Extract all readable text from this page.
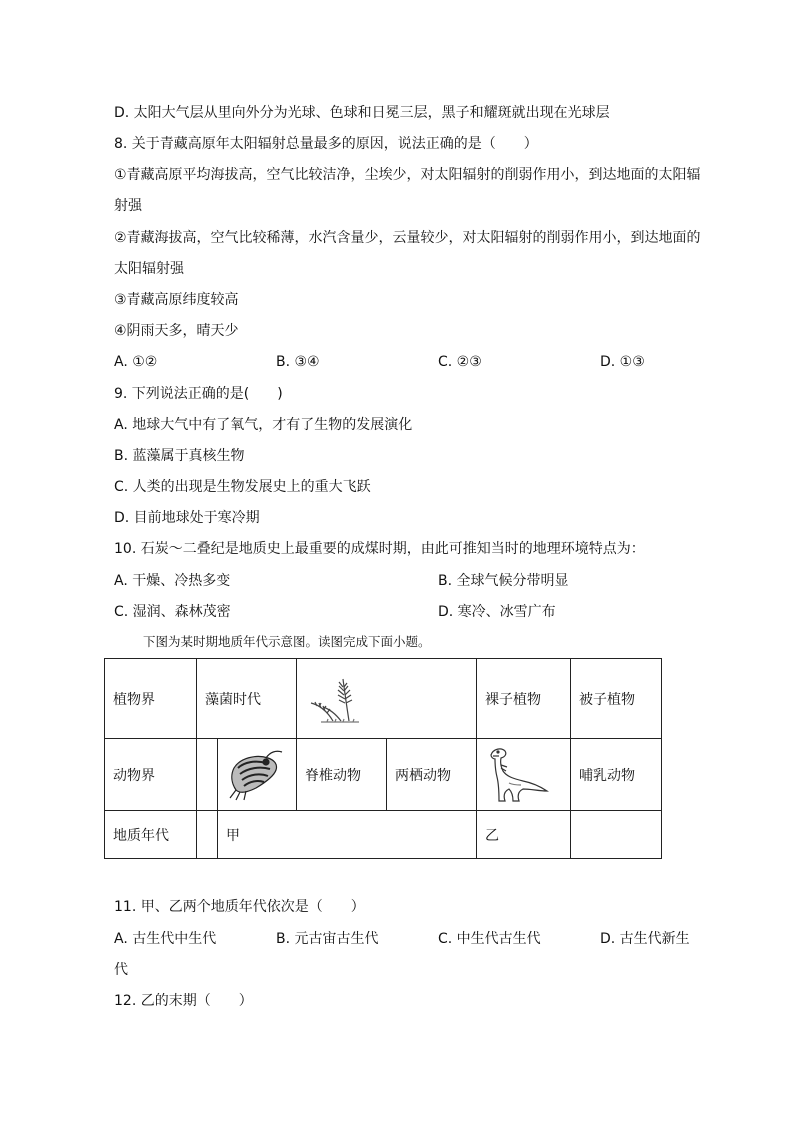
D. 太阳大气层从里向外分为光球、色球和日冕三层，黑子和耀斑就出现在光球层
8. 关于青藏高原年太阳辐射总量最多的原因，说法正确的是（　　）
①青藏高原平均海拔高，空气比较洁净，尘埃少，对太阳辐射的削弱作用小，到达地面的太阳辐
射强
②青藏海拔高，空气比较稀薄，水汽含量少，云量较少，对太阳辐射的削弱作用小，到达地面的
太阳辐射强
③青藏高原纬度较高
④阴雨天多，晴天少
A. ①②	B. ③④	C. ②③	D. ①③
9. 下列说法正确的是(　　)
A. 地球大气中有了氧气，才有了生物的发展演化
B. 蓝藻属于真核生物
C. 人类的出现是生物发展史上的重大飞跃
D. 目前地球处于寒冷期
10. 石炭～二叠纪是地质史上最重要的成煤时期，由此可推知当时的地理环境特点为：
A. 干燥、冷热多变	B. 全球气候分带明显
C. 湿润、森林茂密	D. 寒冷、冰雪广布
下图为某时期地质年代示意图。读图完成下面小题。
植物界	藻菌时代				裸子植物	被子植物
动物界			脊椎动物	两栖动物		哺乳动物
地质年代		甲			乙	
11. 甲、乙两个地质年代依次是（　　）
A. 古生代中生代	B. 元古宙古生代	C. 中生代古生代	D. 古生代新生
代
12. 乙的末期（　　）
